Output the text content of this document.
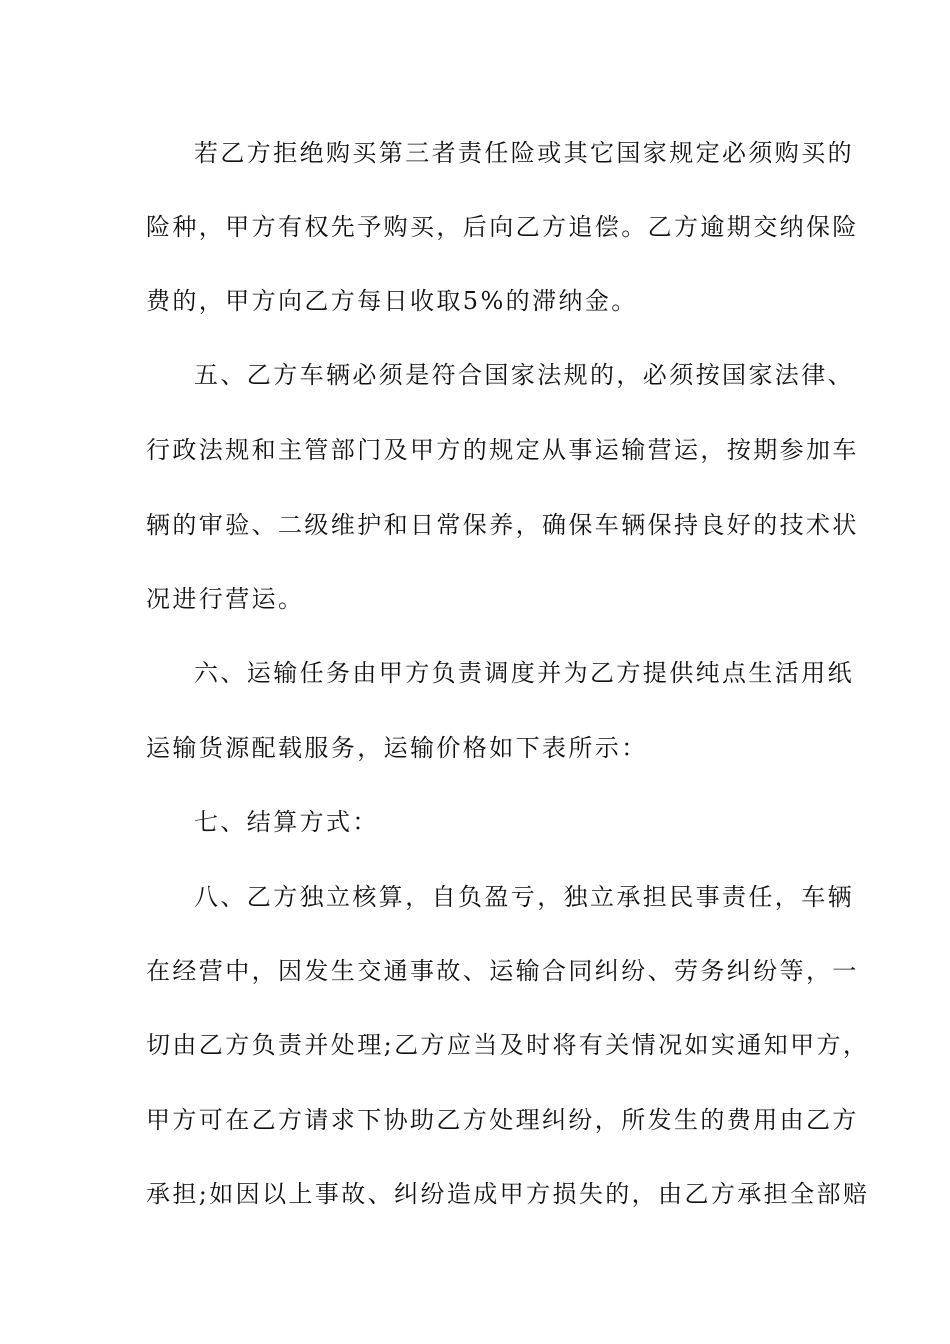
若乙方拒绝购买第三者责任险或其它国家规定必须购买的
险种，甲方有权先予购买，后向乙方追偿。乙方逾期交纳保险
费的，甲方向乙方每日收取5%的滞纳金。
五、乙方车辆必须是符合国家法规的，必须按国家法律、
行政法规和主管部门及甲方的规定从事运输营运，按期参加车
辆的审验、二级维护和日常保养，确保车辆保持良好的技术状
况进行营运。
六、运输任务由甲方负责调度并为乙方提供纯点生活用纸
运输货源配载服务，运输价格如下表所示：
七、结算方式：
八、乙方独立核算，自负盈亏，独立承担民事责任，车辆
在经营中，因发生交通事故、运输合同纠纷、劳务纠纷等，一
切由乙方负责并处理;乙方应当及时将有关情况如实通知甲方，
甲方可在乙方请求下协助乙方处理纠纷，所发生的费用由乙方
承担;如因以上事故、纠纷造成甲方损失的，由乙方承担全部赔
